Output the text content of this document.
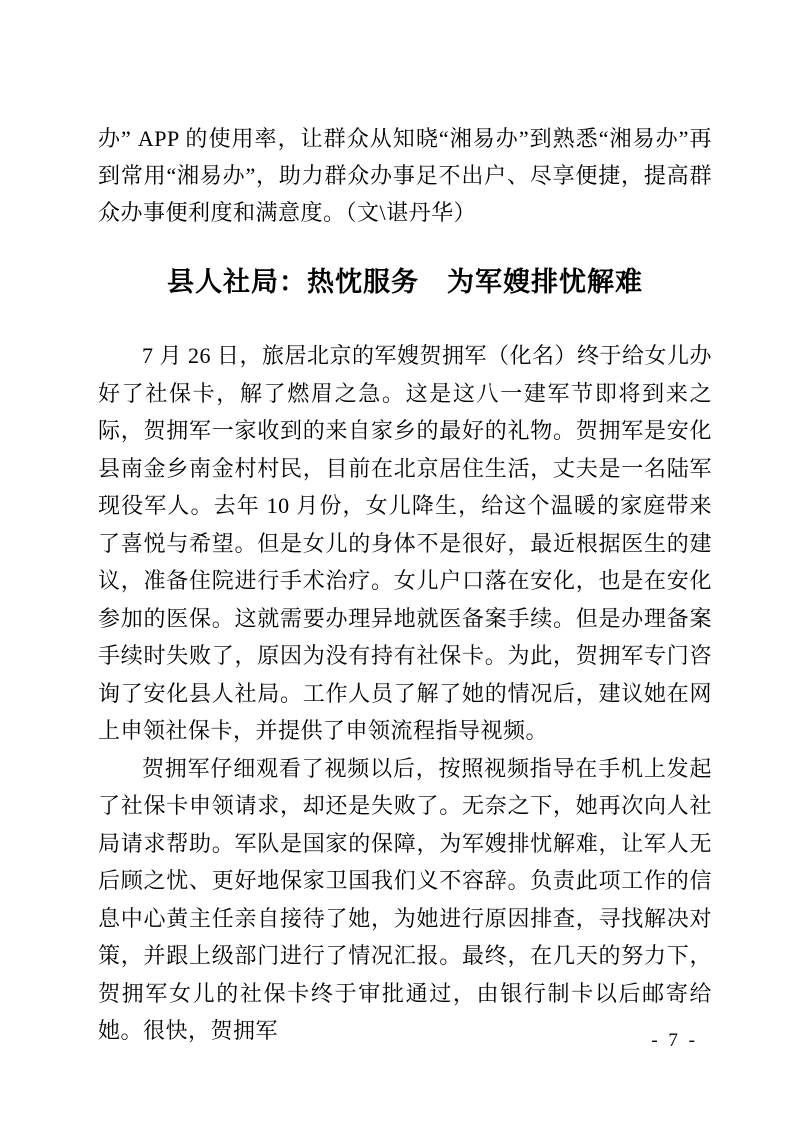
办” APP 的使用率，让群众从知晓“湘易办”到熟悉“湘易办”再到常用“湘易办”，助力群众办事足不出户、尽享便捷，提高群众办事便利度和满意度。（文\谌丹华）

县人社局：热忱服务　为军嫂排忧解难

7 月 26 日，旅居北京的军嫂贺拥军（化名）终于给女儿办好了社保卡，解了燃眉之急。这是这八一建军节即将到来之际，贺拥军一家收到的来自家乡的最好的礼物。贺拥军是安化县南金乡南金村村民，目前在北京居住生活，丈夫是一名陆军现役军人。去年 10 月份，女儿降生，给这个温暖的家庭带来了喜悦与希望。但是女儿的身体不是很好，最近根据医生的建议，准备住院进行手术治疗。女儿户口落在安化，也是在安化参加的医保。这就需要办理异地就医备案手续。但是办理备案手续时失败了，原因为没有持有社保卡。为此，贺拥军专门咨询了安化县人社局。工作人员了解了她的情况后，建议她在网上申领社保卡，并提供了申领流程指导视频。

贺拥军仔细观看了视频以后，按照视频指导在手机上发起了社保卡申领请求，却还是失败了。无奈之下，她再次向人社局请求帮助。军队是国家的保障，为军嫂排忧解难，让军人无后顾之忧、更好地保家卫国我们义不容辞。负责此项工作的信息中心黄主任亲自接待了她，为她进行原因排查，寻找解决对策，并跟上级部门进行了情况汇报。最终，在几天的努力下，贺拥军女儿的社保卡终于审批通过，由银行制卡以后邮寄给她。很快，贺拥军	- 7 -
